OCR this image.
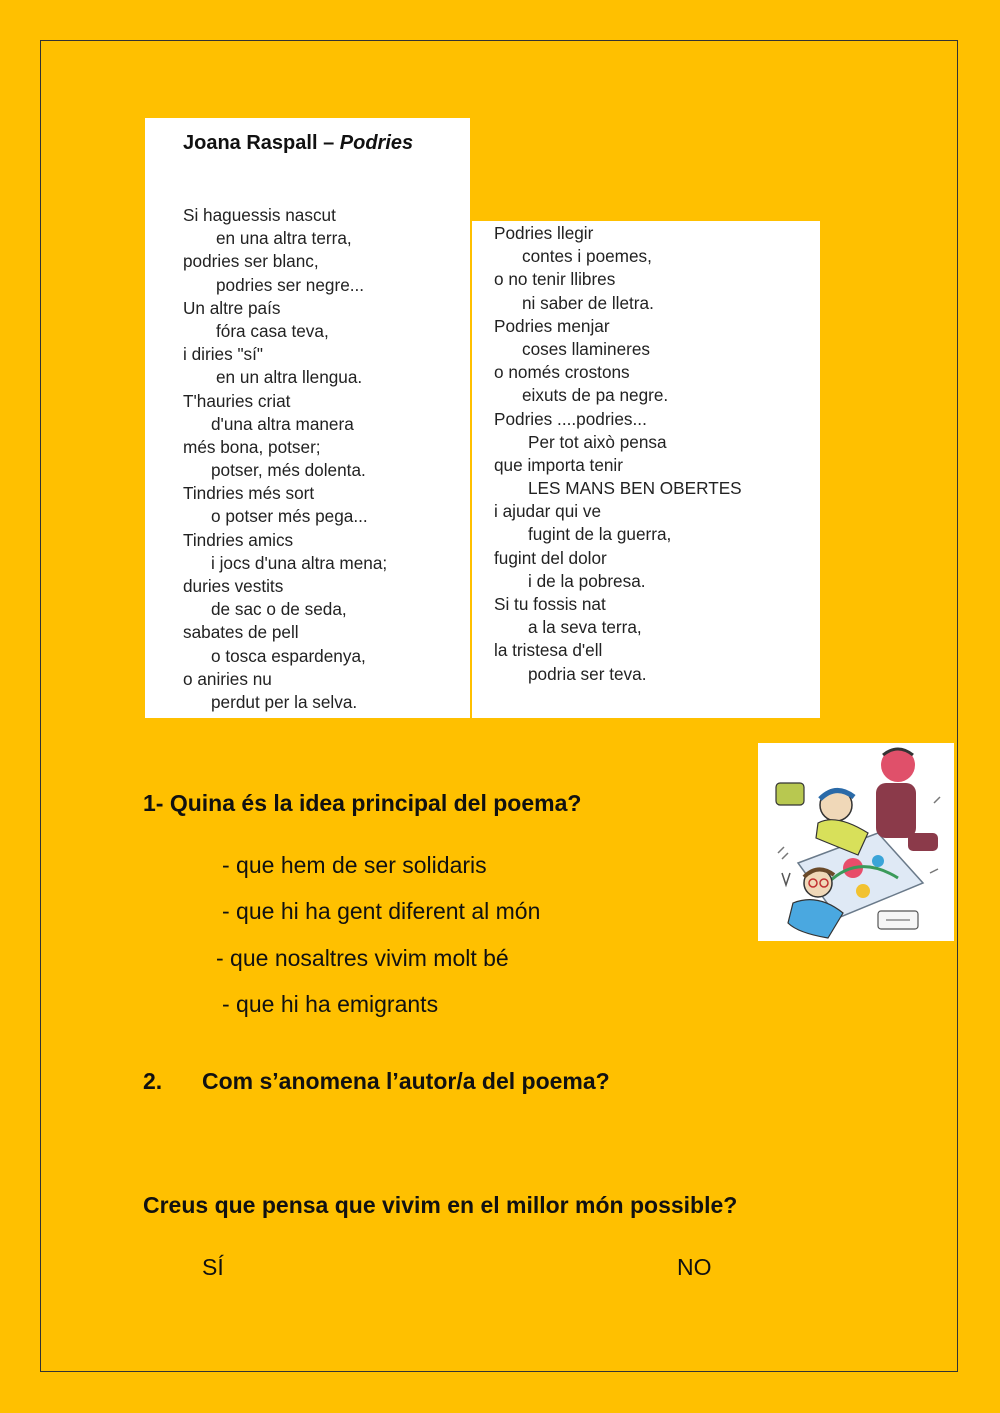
Joana Raspall – Podries
Si haguessis nascut
en una altra terra,
podries ser blanc,
podries ser negre...
Un altre país
fóra casa teva,
i diries "sí"
en un altra llengua.
T'hauries criat
d'una altra manera
més bona, potser;
potser, més dolenta.
Tindries més sort
o potser més pega...
Tindries amics
i jocs d'una altra mena;
duries vestits
de sac o de seda,
sabates de pell
o tosca espardenya,
o aniries nu
perdut per la selva.
Podries llegir
contes i poemes,
o no tenir llibres
ni saber de lletra.
Podries menjar
coses llamineres
o només crostons
eixuts de pa negre.
Podries ....podries...
Per tot això pensa
que importa tenir
LES MANS BEN OBERTES
i ajudar qui ve
fugint de la guerra,
fugint del dolor
i de la pobresa.
Si tu fossis nat
a la seva terra,
la tristesa d'ell
podria ser teva.
1- Quina és la idea principal del poema?
- que hem de ser solidaris
- que hi ha gent diferent al món
- que nosaltres vivim molt bé
- que hi ha emigrants
2. Com s’anomena l’autor/a del poema?
Creus que pensa que vivim en el millor món possible?
SÍ	NO
